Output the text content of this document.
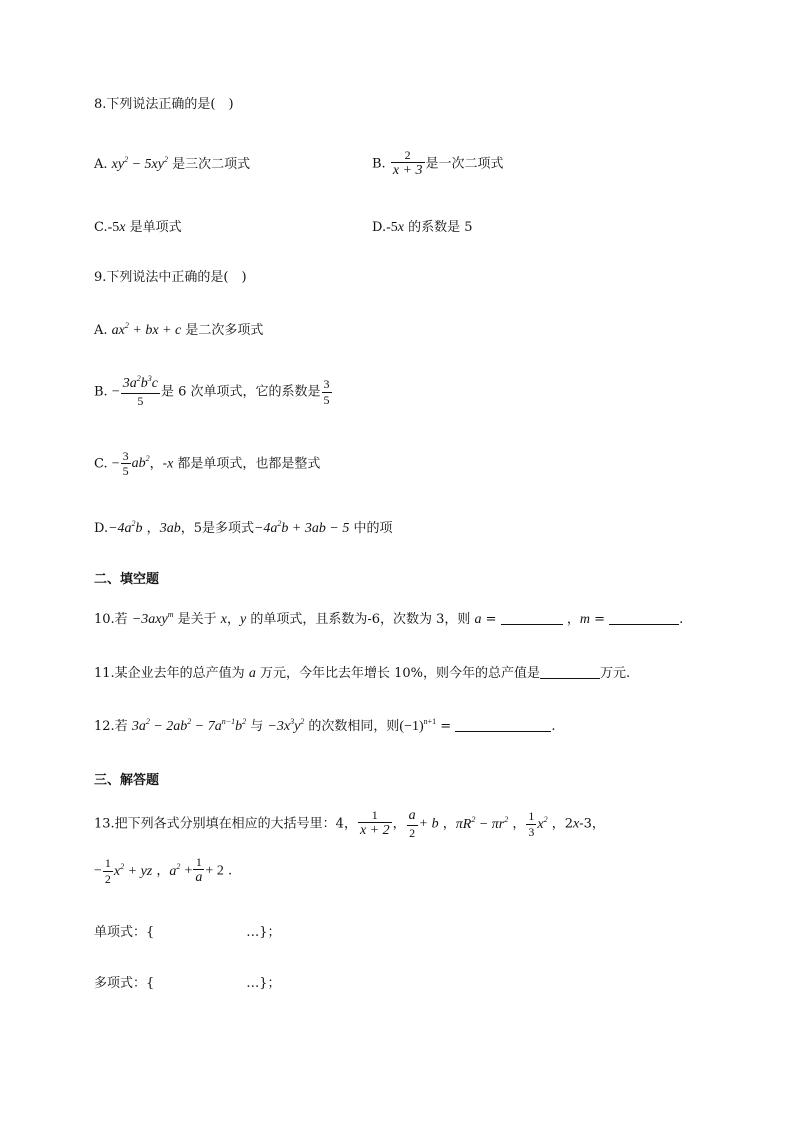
8.下列说法正确的是(　)
A. $xy^2 - 5xy^2$ 是三次二项式	B. $\frac{2}{x + 3}$ 是一次二项式
C.-5x 是单项式	D.-5x 的系数是 5
9.下列说法中正确的是(　)
A. $ax^2$ + bx + c 是二次多项式
B. − $\frac{3a^2b^3c}{5}$ 是 6 次单项式，它的系数是 $\frac{3}{5}$
C. − $\frac{3}{5} ab^2$，-x 都是单项式，也都是整式
$D.-4a^2b$ ，3ab，5是多项式$-4a^2b + 3ab - 5$ 中的项
二、填空题
10.若 −3axy$^m$ 是关于 x，y 的单项式，且系数为-6，次数为 3，则 a =	，m =	.
11.某企业去年的总产值为 a 万元，今年比去年增长 10%，则今年的总产值是	万元.
12.若 $3a^2 - 2ab^2 - 7a^{n-1}b^2$ 与 $-3x^3y^2$ 的次数相同，则$(-1)^{n+1}$ =	.
三、解答题
13.把下列各式分别填在相应的大括号里：4， $\frac{1}{x + 2}$ ， $\frac{a}{2} + b$ ，$\pi R^2 - \pi r^2$ ， $\frac{1}{3} x^2$ ，2x-3，
− $\frac{1}{2} x^2$ + yz ，$a^2 + \frac{1}{a} + 2$ .
单项式：{	…}；
多项式：{	…}；
